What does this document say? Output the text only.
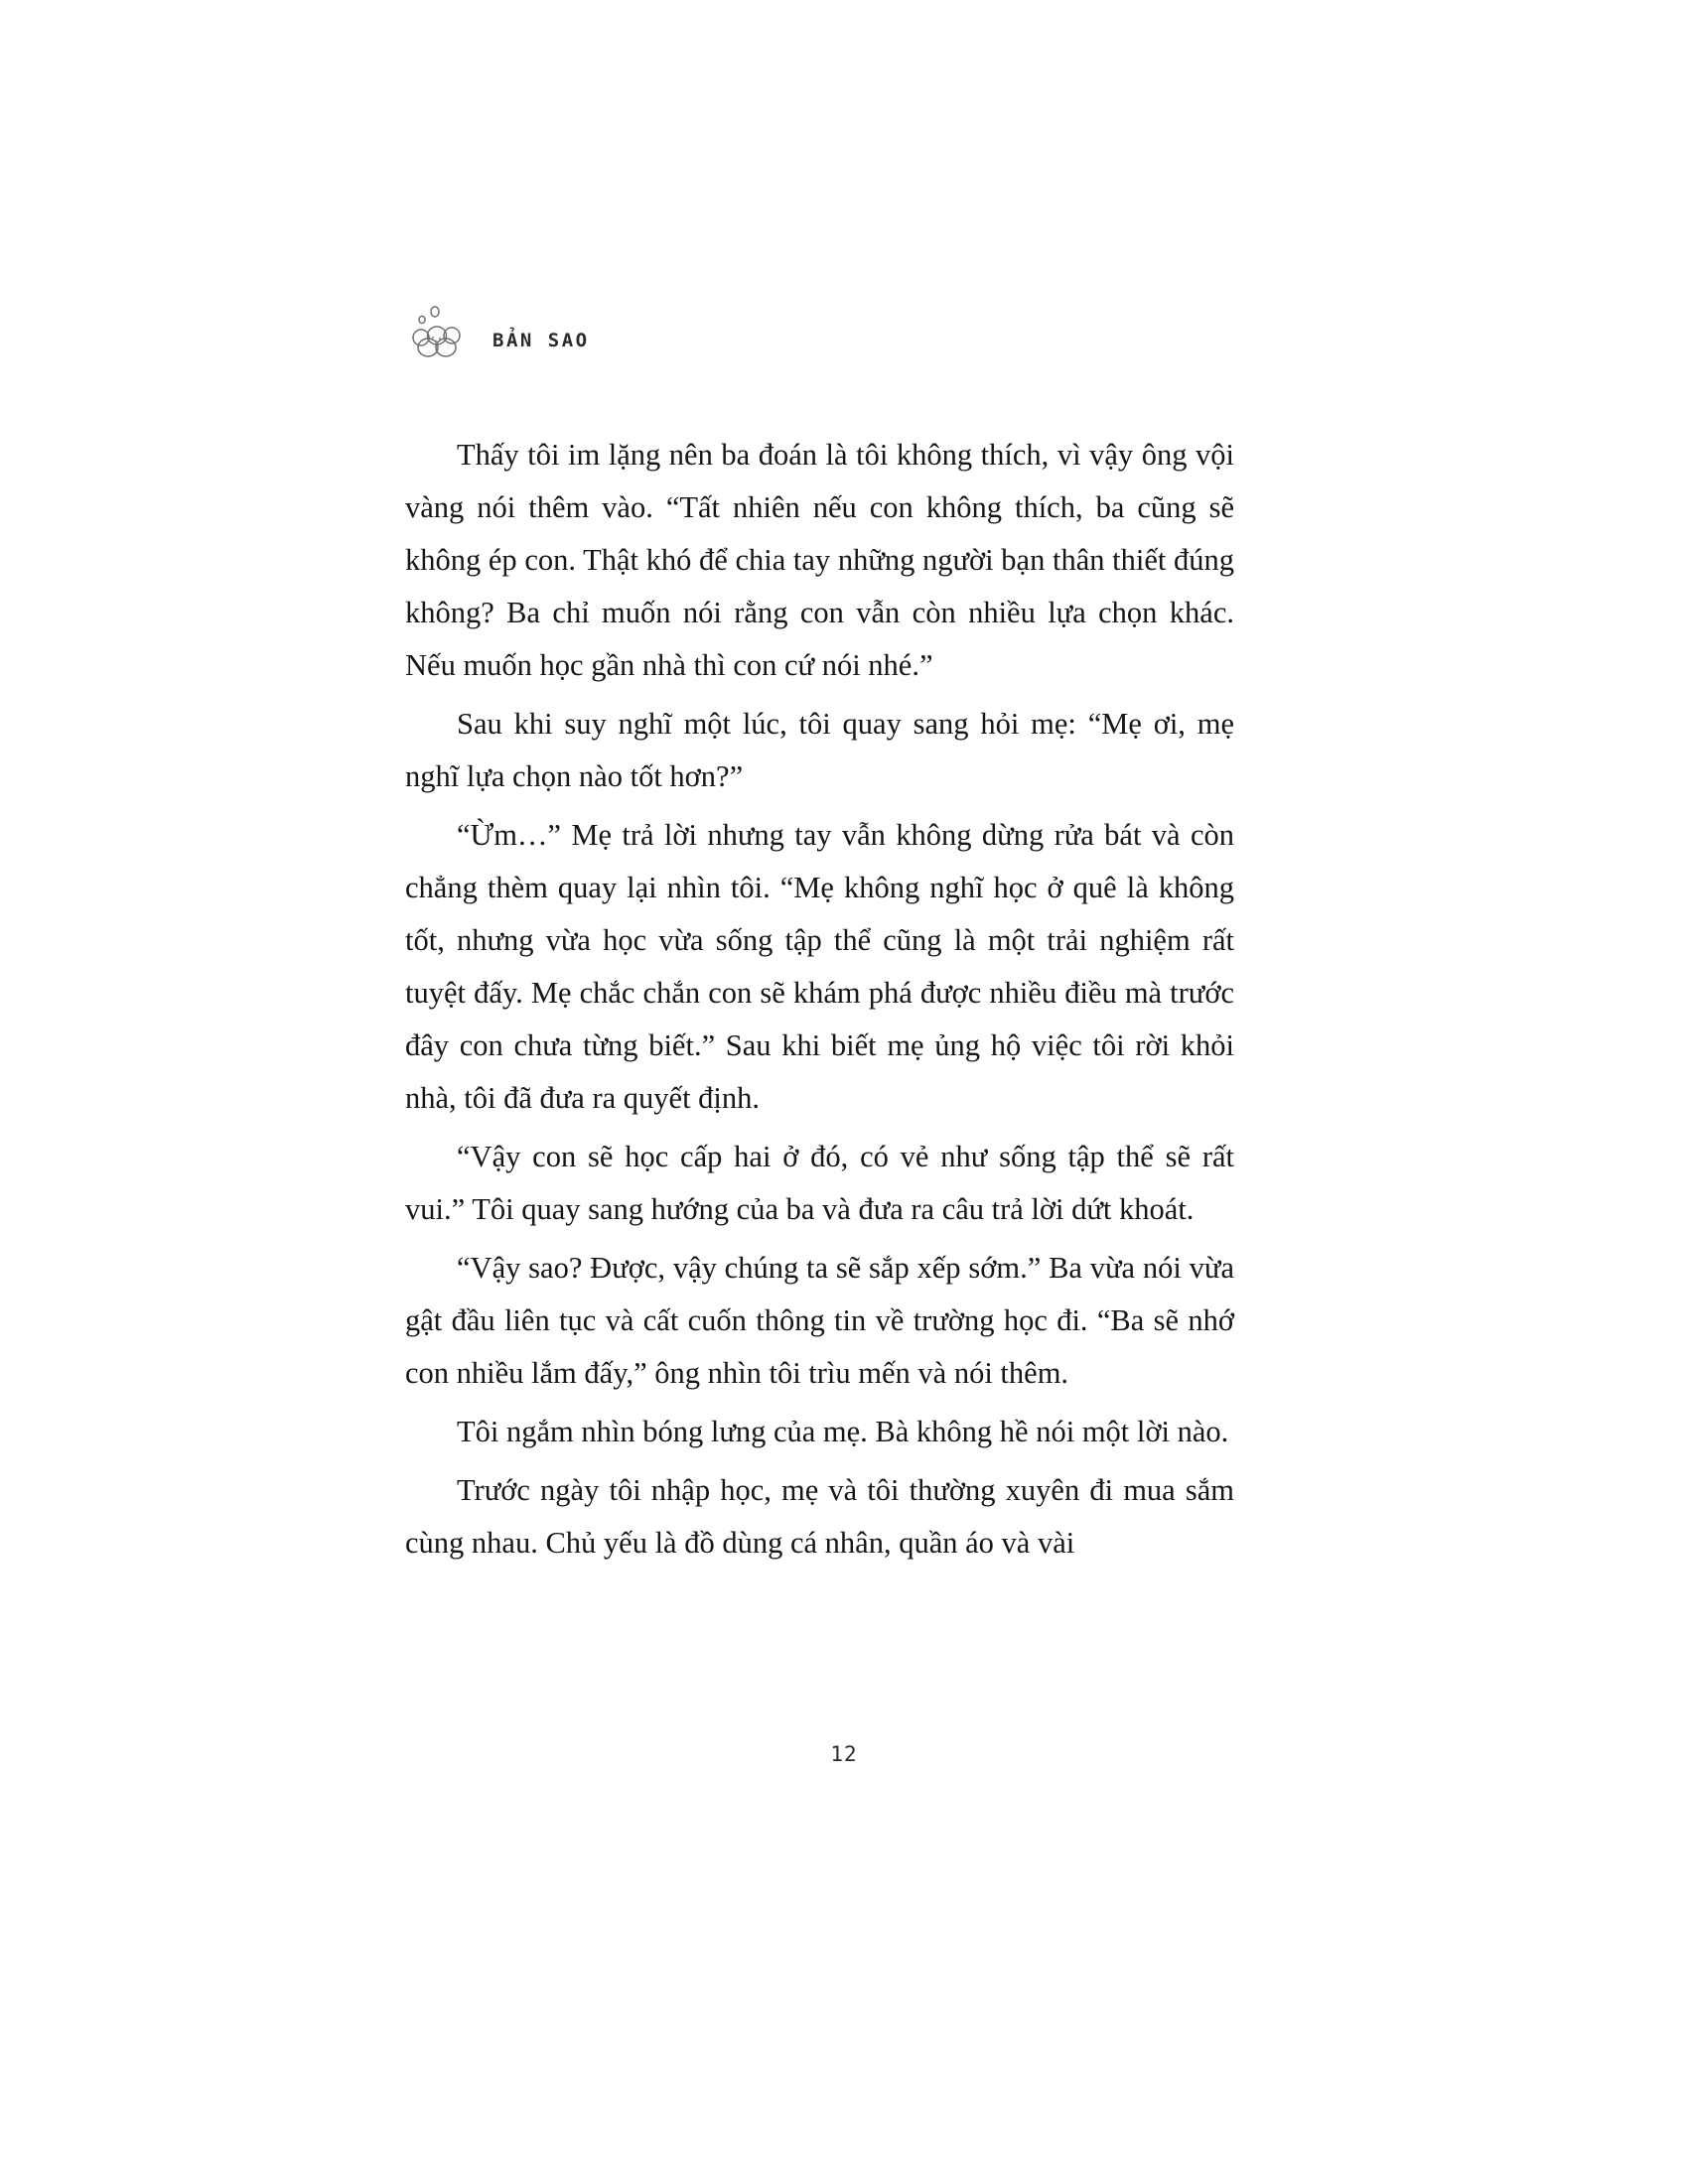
BẢN SAO

Thấy tôi im lặng nên ba đoán là tôi không thích, vì vậy ông vội vàng nói thêm vào. “Tất nhiên nếu con không thích, ba cũng sẽ không ép con. Thật khó để chia tay những người bạn thân thiết đúng không? Ba chỉ muốn nói rằng con vẫn còn nhiều lựa chọn khác. Nếu muốn học gần nhà thì con cứ nói nhé.”

Sau khi suy nghĩ một lúc, tôi quay sang hỏi mẹ: “Mẹ ơi, mẹ nghĩ lựa chọn nào tốt hơn?”

“Ừm…” Mẹ trả lời nhưng tay vẫn không dừng rửa bát và còn chẳng thèm quay lại nhìn tôi. “Mẹ không nghĩ học ở quê là không tốt, nhưng vừa học vừa sống tập thể cũng là một trải nghiệm rất tuyệt đấy. Mẹ chắc chắn con sẽ khám phá được nhiều điều mà trước đây con chưa từng biết.” Sau khi biết mẹ ủng hộ việc tôi rời khỏi nhà, tôi đã đưa ra quyết định.

“Vậy con sẽ học cấp hai ở đó, có vẻ như sống tập thể sẽ rất vui.” Tôi quay sang hướng của ba và đưa ra câu trả lời dứt khoát.

“Vậy sao? Được, vậy chúng ta sẽ sắp xếp sớm.” Ba vừa nói vừa gật đầu liên tục và cất cuốn thông tin về trường học đi. “Ba sẽ nhớ con nhiều lắm đấy,” ông nhìn tôi trìu mến và nói thêm.

Tôi ngắm nhìn bóng lưng của mẹ. Bà không hề nói một lời nào.

Trước ngày tôi nhập học, mẹ và tôi thường xuyên đi mua sắm cùng nhau. Chủ yếu là đồ dùng cá nhân, quần áo và vài

12
